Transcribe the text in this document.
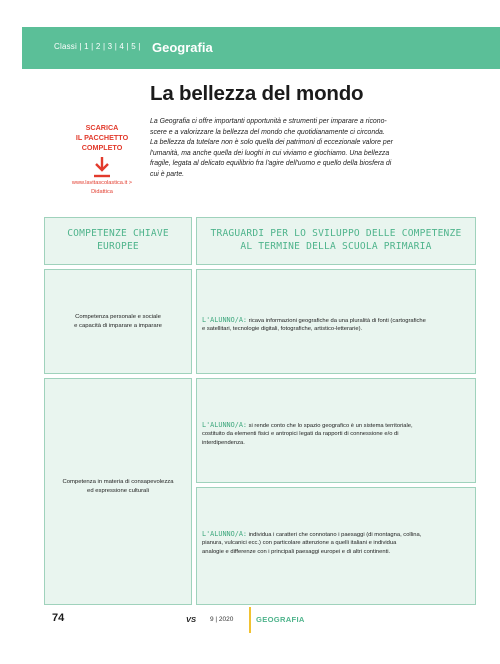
Classi | 1 | 2 | 3 | 4 | 5 | Geografia
La bellezza del mondo
SCARICA
IL PACCHETTO
COMPLETO
www.lavitascolastica.it >
Didattica

La Geografia ci offre importanti opportunità e strumenti per imparare a ricono-

scere e a valorizzare la bellezza del mondo che quotidianamente ci circonda.

La bellezza da tutelare non è solo quella dei patrimoni di eccezionale valore per

l'umanità, ma anche quella dei luoghi in cui viviamo e giochiamo. Una bellezza

fragile, legata al delicato equilibrio fra l'agire dell'uomo e quello della biosfera di

cui è parte.

COMPETENZE CHIAVE
EUROPEE
TRAGUARDI PER LO SVILUPPO DELLE COMPETENZE
AL TERMINE DELLA SCUOLA PRIMARIA
Competenza personale e sociale
e capacità di imparare a imparare
L'ALUNNO/A: ricava informazioni geografiche da una pluralità di fonti (cartografiche
e satellitari, tecnologie digitali, fotografiche, artistico-letterarie).
Competenza in materia di consapevolezza
ed espressione culturali
L'ALUNNO/A: si rende conto che lo spazio geografico è un sistema territoriale,
costituito da elementi fisici e antropici legati da rapporti di connessione e/o di
interdipendenza.
L'ALUNNO/A: individua i caratteri che connotano i paesaggi (di montagna, collina,
pianura, vulcanici ecc.) con particolare attenzione a quelli italiani e individua
analogie e differenze con i principali paesaggi europei e di altri continenti.
74	VS 9 | 2020	GEOGRAFIA
